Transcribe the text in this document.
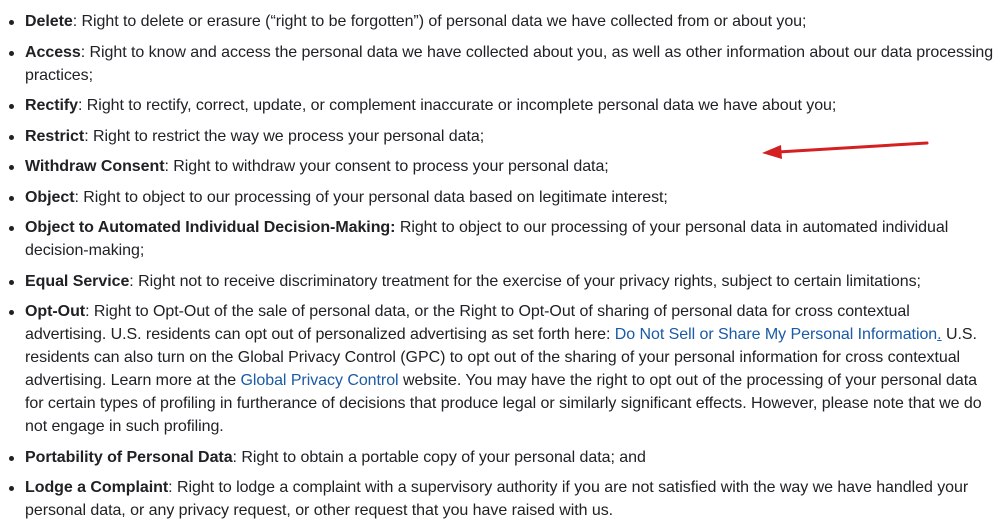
Delete: Right to delete or erasure (“right to be forgotten”) of personal data we have collected from or about you;
Access: Right to know and access the personal data we have collected about you, as well as other information about our data processing practices;
Rectify: Right to rectify, correct, update, or complement inaccurate or incomplete personal data we have about you;
Restrict: Right to restrict the way we process your personal data;
Withdraw Consent: Right to withdraw your consent to process your personal data;
Object: Right to object to our processing of your personal data based on legitimate interest;
Object to Automated Individual Decision-Making: Right to object to our processing of your personal data in automated individual decision-making;
Equal Service: Right not to receive discriminatory treatment for the exercise of your privacy rights, subject to certain limitations;
Opt-Out: Right to Opt-Out of the sale of personal data, or the Right to Opt-Out of sharing of personal data for cross contextual advertising. U.S. residents can opt out of personalized advertising as set forth here: Do Not Sell or Share My Personal Information. U.S. residents can also turn on the Global Privacy Control (GPC) to opt out of the sharing of your personal information for cross contextual advertising. Learn more at the Global Privacy Control website. You may have the right to opt out of the processing of your personal data for certain types of profiling in furtherance of decisions that produce legal or similarly significant effects. However, please note that we do not engage in such profiling.
Portability of Personal Data: Right to obtain a portable copy of your personal data; and
Lodge a Complaint: Right to lodge a complaint with a supervisory authority if you are not satisfied with the way we have handled your personal data, or any privacy request, or other request that you have raised with us.
